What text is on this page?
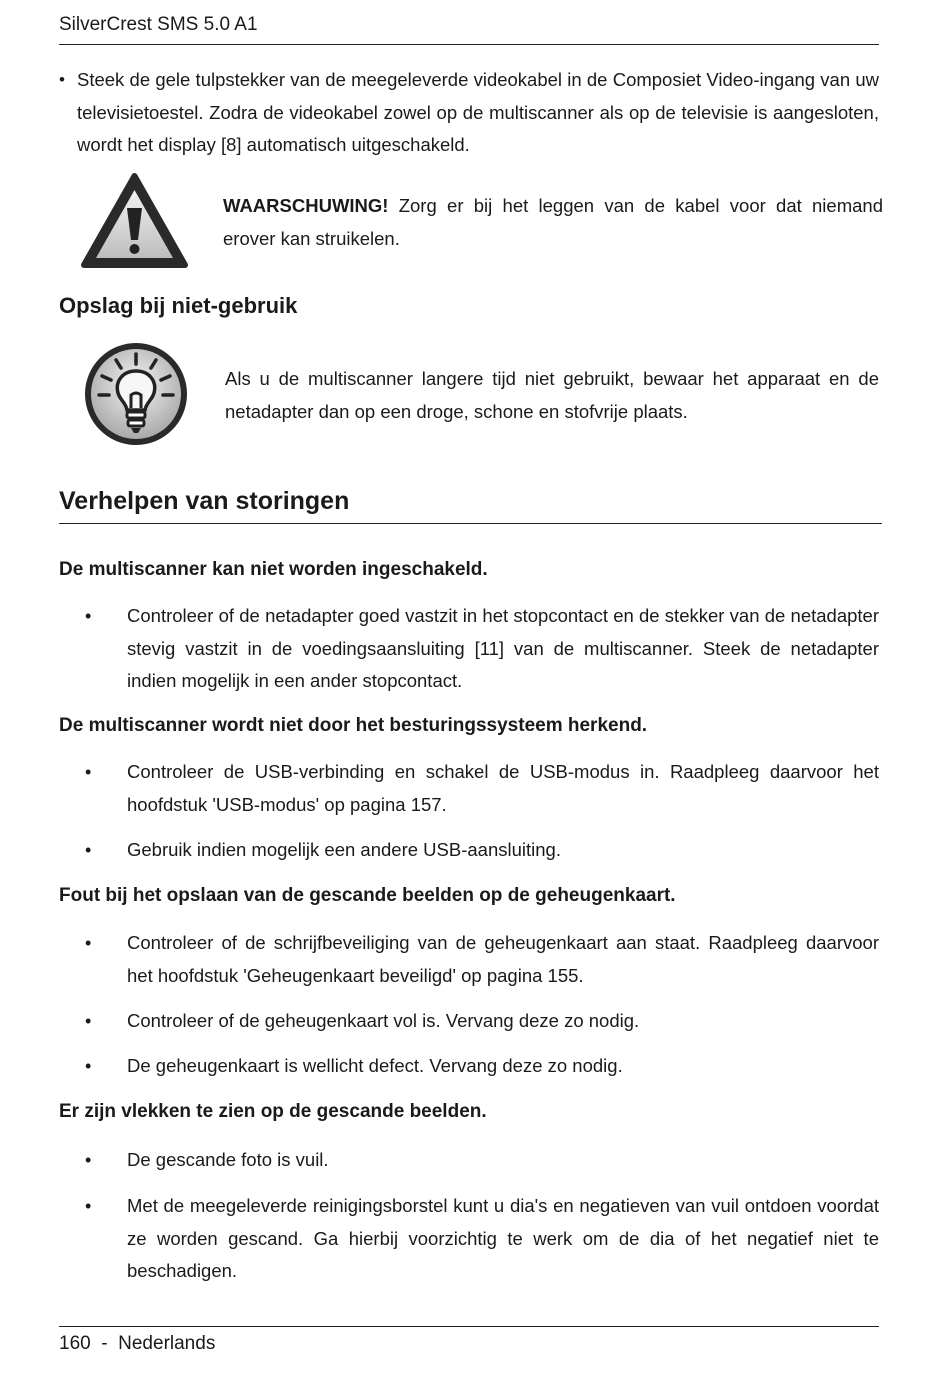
SilverCrest SMS 5.0 A1
• Steek de gele tulpstekker van de meegeleverde videokabel in de Composiet Video-ingang van uw televisietoestel. Zodra de videokabel zowel op de multiscanner als op de televisie is aangesloten, wordt het display [8] automatisch uitgeschakeld.
WAARSCHUWING! Zorg er bij het leggen van de kabel voor dat niemand erover kan struikelen.
Opslag bij niet-gebruik
Als u de multiscanner langere tijd niet gebruikt, bewaar het apparaat en de netadapter dan op een droge, schone en stofvrije plaats.
Verhelpen van storingen
De multiscanner kan niet worden ingeschakeld.
• Controleer of de netadapter goed vastzit in het stopcontact en de stekker van de netadapter stevig vastzit in de voedingsaansluiting [11] van de multiscanner. Steek de netadapter indien mogelijk in een ander stopcontact.
De multiscanner wordt niet door het besturingssysteem herkend.
• Controleer de USB-verbinding en schakel de USB-modus in. Raadpleeg daarvoor het hoofdstuk 'USB-modus' op pagina 157.
• Gebruik indien mogelijk een andere USB-aansluiting.
Fout bij het opslaan van de gescande beelden op de geheugenkaart.
• Controleer of de schrijfbeveiliging van de geheugenkaart aan staat. Raadpleeg daarvoor het hoofdstuk 'Geheugenkaart beveiligd' op pagina 155.
• Controleer of de geheugenkaart vol is. Vervang deze zo nodig.
• De geheugenkaart is wellicht defect. Vervang deze zo nodig.
Er zijn vlekken te zien op de gescande beelden.
• De gescande foto is vuil.
• Met de meegeleverde reinigingsborstel kunt u dia's en negatieven van vuil ontdoen voordat ze worden gescand. Ga hierbij voorzichtig te werk om de dia of het negatief niet te beschadigen.
160  -  Nederlands
